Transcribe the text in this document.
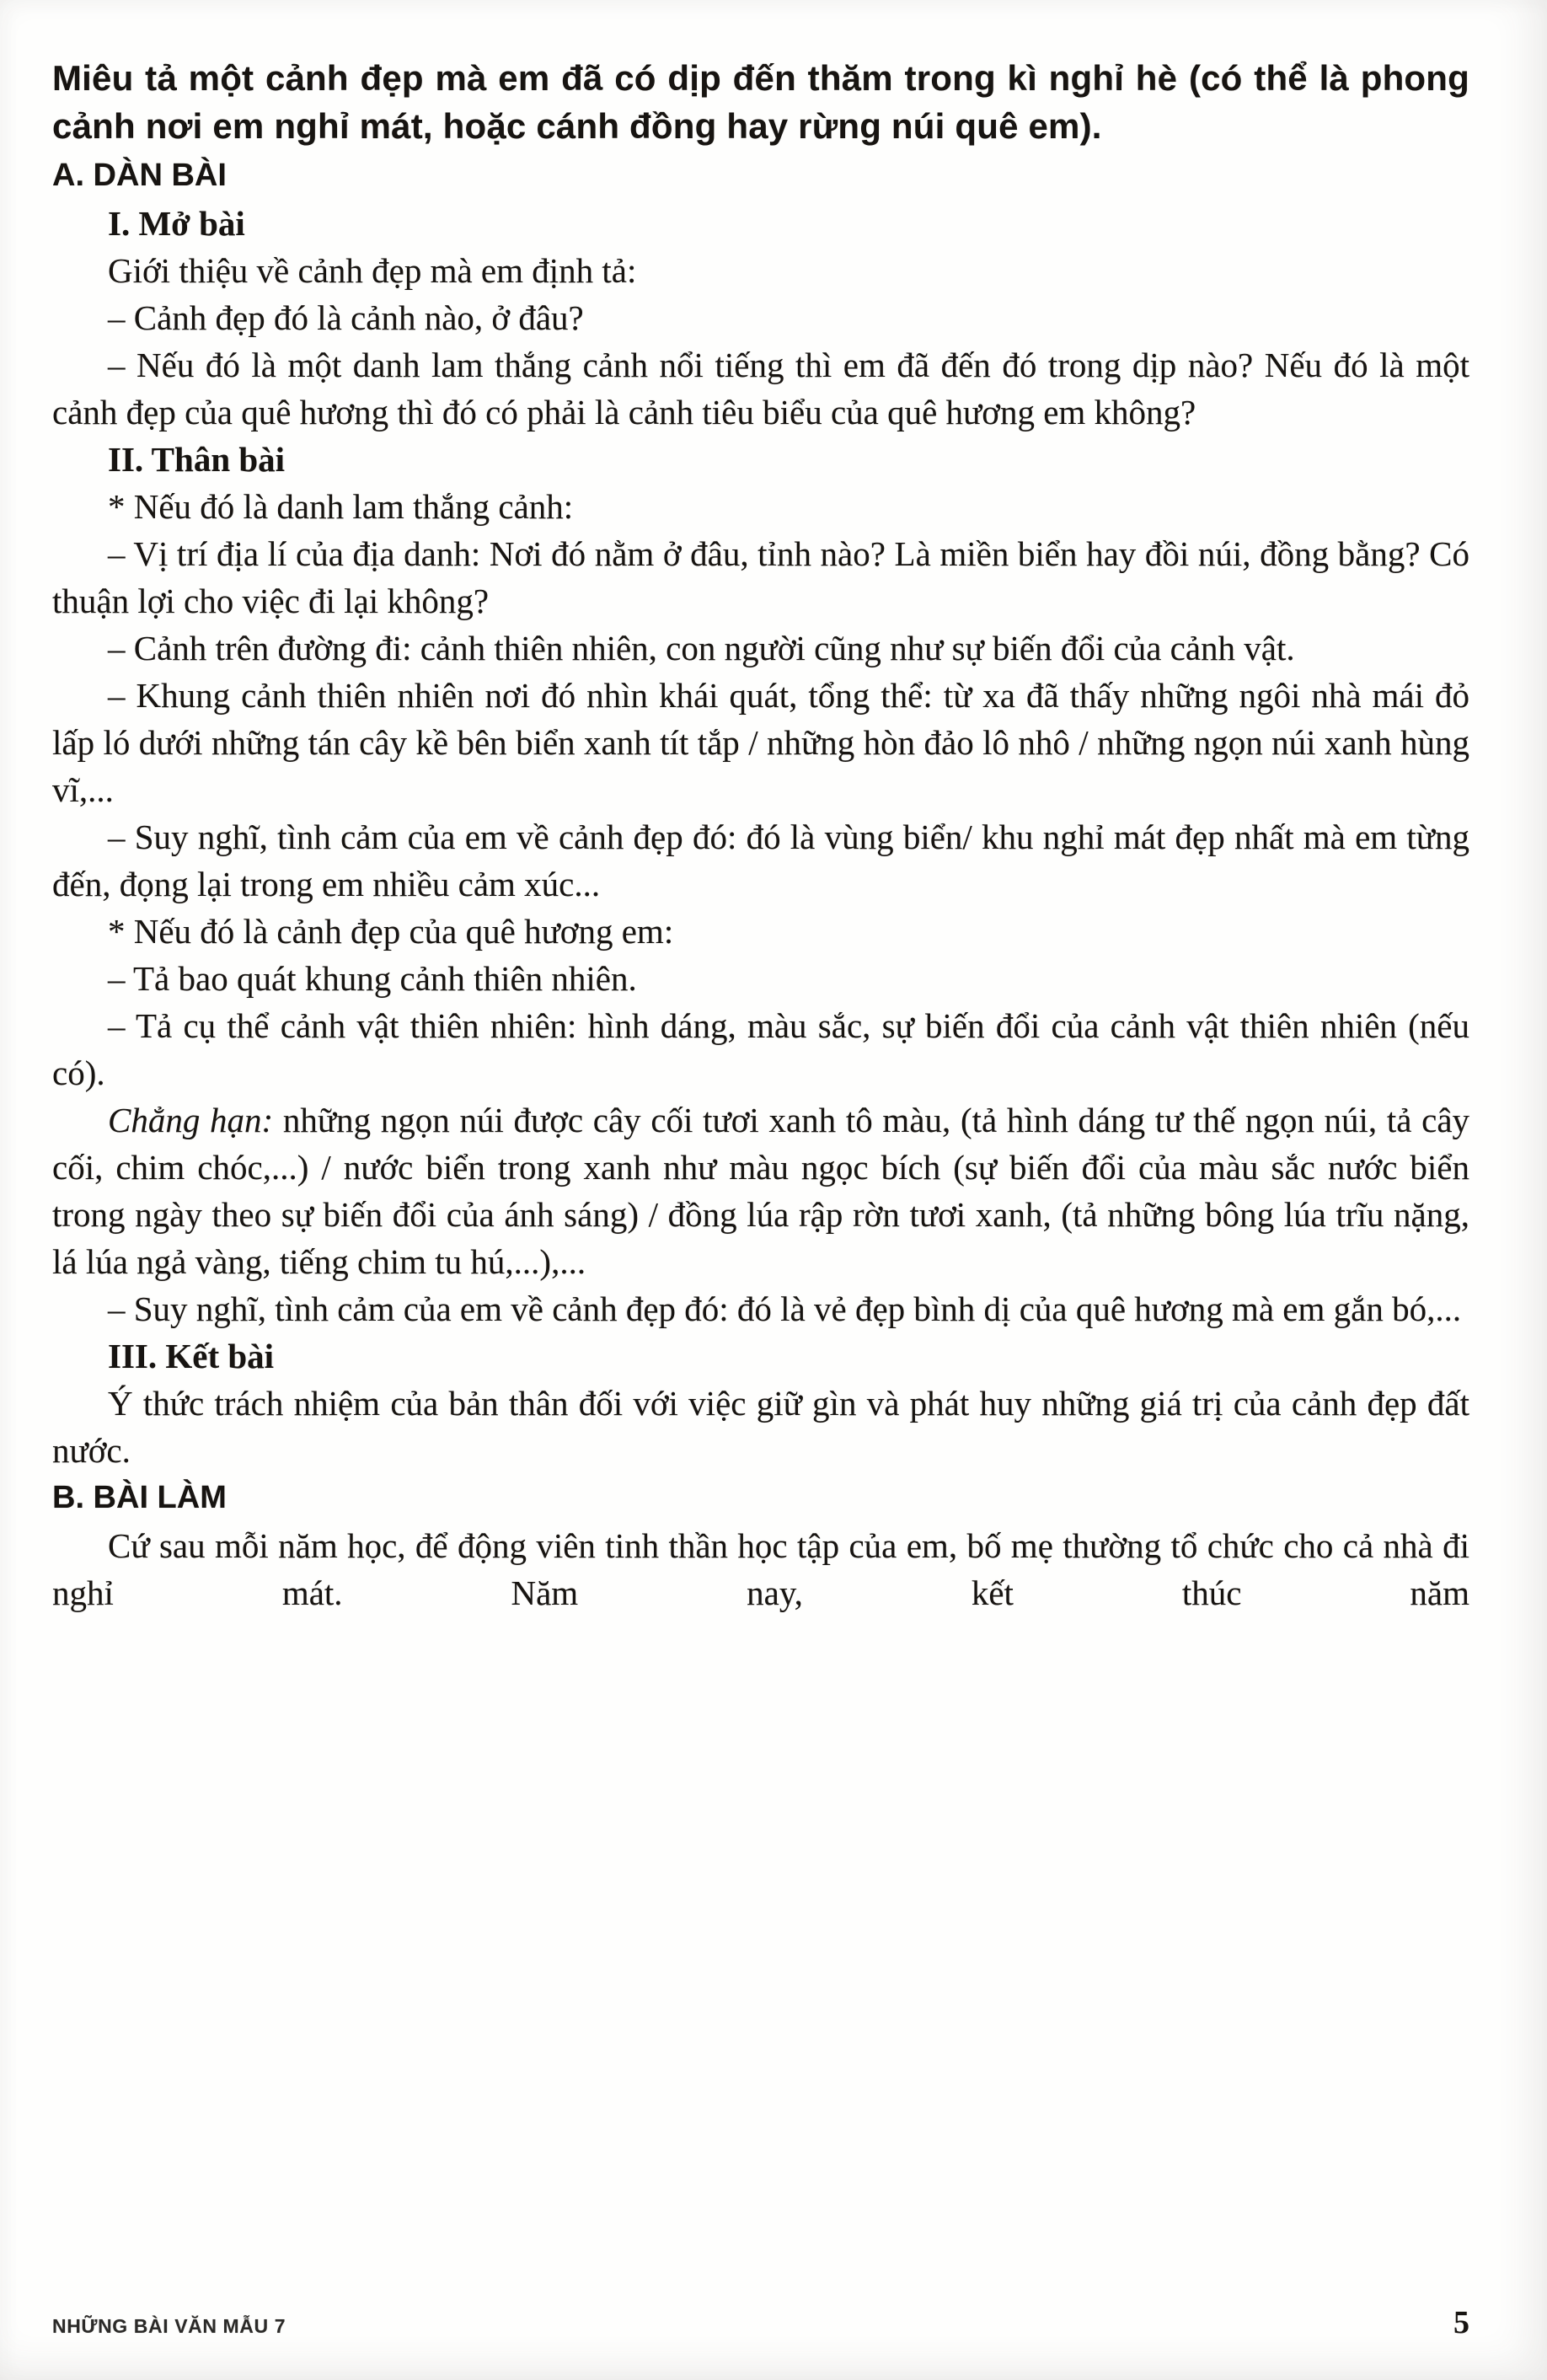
Miêu tả một cảnh đẹp mà em đã có dịp đến thăm trong kì nghỉ hè (có thể là phong cảnh nơi em nghỉ mát, hoặc cánh đồng hay rừng núi quê em).

A. DÀN BÀI

I. Mở bài

Giới thiệu về cảnh đẹp mà em định tả:

– Cảnh đẹp đó là cảnh nào, ở đâu?

– Nếu đó là một danh lam thắng cảnh nổi tiếng thì em đã đến đó trong dịp nào? Nếu đó là một cảnh đẹp của quê hương thì đó có phải là cảnh tiêu biểu của quê hương em không?

II. Thân bài

* Nếu đó là danh lam thắng cảnh:

– Vị trí địa lí của địa danh: Nơi đó nằm ở đâu, tỉnh nào? Là miền biển hay đồi núi, đồng bằng? Có thuận lợi cho việc đi lại không?

– Cảnh trên đường đi: cảnh thiên nhiên, con người cũng như sự biến đổi của cảnh vật.

– Khung cảnh thiên nhiên nơi đó nhìn khái quát, tổng thể: từ xa đã thấy những ngôi nhà mái đỏ lấp ló dưới những tán cây kề bên biển xanh tít tắp / những hòn đảo lô nhô / những ngọn núi xanh hùng vĩ,...

– Suy nghĩ, tình cảm của em về cảnh đẹp đó: đó là vùng biển/ khu nghỉ mát đẹp nhất mà em từng đến, đọng lại trong em nhiều cảm xúc...

* Nếu đó là cảnh đẹp của quê hương em:

– Tả bao quát khung cảnh thiên nhiên.

– Tả cụ thể cảnh vật thiên nhiên: hình dáng, màu sắc, sự biến đổi của cảnh vật thiên nhiên (nếu có).

Chẳng hạn: những ngọn núi được cây cối tươi xanh tô màu, (tả hình dáng tư thế ngọn núi, tả cây cối, chim chóc,...) / nước biển trong xanh như màu ngọc bích (sự biến đổi của màu sắc nước biển trong ngày theo sự biến đổi của ánh sáng) / đồng lúa rập rờn tươi xanh, (tả những bông lúa trĩu nặng, lá lúa ngả vàng, tiếng chim tu hú,...),...

– Suy nghĩ, tình cảm của em về cảnh đẹp đó: đó là vẻ đẹp bình dị của quê hương mà em gắn bó,...

III. Kết bài

Ý thức trách nhiệm của bản thân đối với việc giữ gìn và phát huy những giá trị của cảnh đẹp đất nước.

B. BÀI LÀM

Cứ sau mỗi năm học, để động viên tinh thần học tập của em, bố mẹ thường tổ chức cho cả nhà đi nghỉ mát. Năm nay, kết thúc năm

NHỮNG BÀI VĂN MẪU 7	5
